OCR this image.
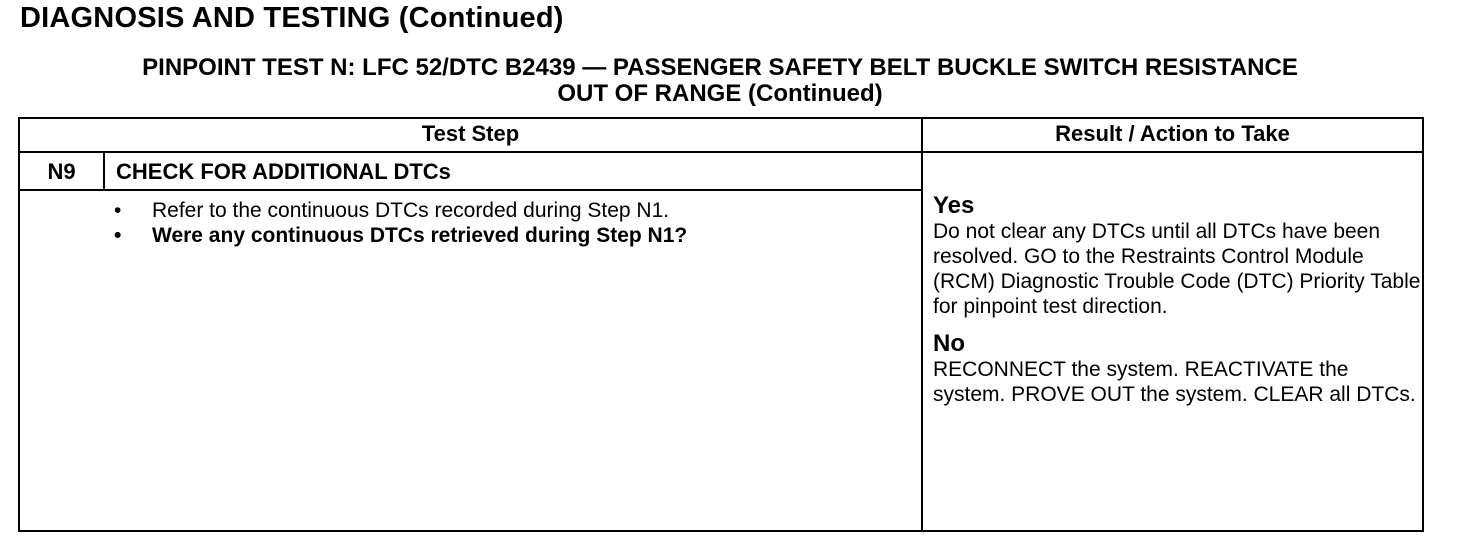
DIAGNOSIS AND TESTING (Continued)
PINPOINT TEST N: LFC 52/DTC B2439 — PASSENGER SAFETY BELT BUCKLE SWITCH RESISTANCE
OUT OF RANGE (Continued)
Test Step	Result / Action to Take
N9	CHECK FOR ADDITIONAL DTCs
•	Refer to the continuous DTCs recorded during Step N1.
•	Were any continuous DTCs retrieved during Step N1?
Yes
Do not clear any DTCs until all DTCs have been resolved. GO to the Restraints Control Module (RCM) Diagnostic Trouble Code (DTC) Priority Table for pinpoint test direction.
No
RECONNECT the system. REACTIVATE the system. PROVE OUT the system. CLEAR all DTCs.
